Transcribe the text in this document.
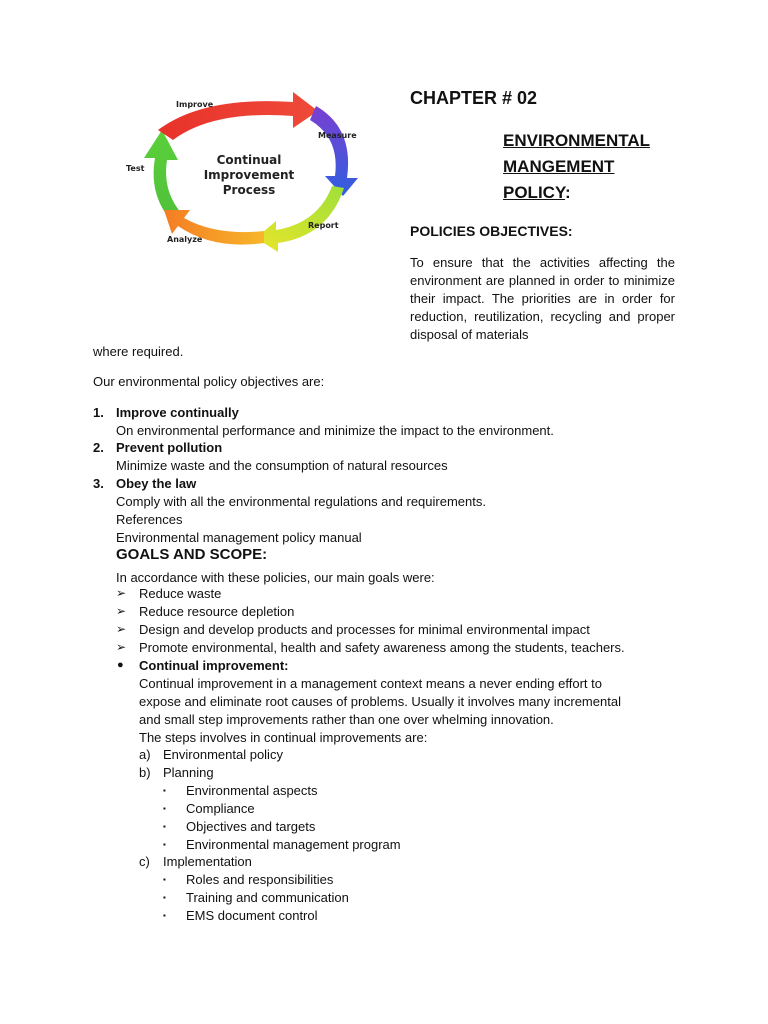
Continual
Improvement
Process
Improve
Measure
Report
Analyze
Test
CHAPTER # 02
ENVIRONMENTAL
MANGEMENT
POLICY:
POLICIES OBJECTIVES:
To ensure that the activities affecting the environment are planned in order to minimize their impact. The priorities are in order for reduction, reutilization, recycling and proper disposal of materials
where required.
Our environmental policy objectives are:
1. Improve continually
On environmental performance and minimize the impact to the environment.
2. Prevent pollution
Minimize waste and the consumption of natural resources
3. Obey the law
Comply with all the environmental regulations and requirements.
References
Environmental management policy manual
GOALS AND SCOPE:
In accordance with these policies, our main goals were:
➢ Reduce waste
➢ Reduce resource depletion
➢ Design and develop products and processes for minimal environmental impact
➢ Promote environmental, health and safety awareness among the students, teachers.
● Continual improvement:
Continual improvement in a management context means a never ending effort to
expose and eliminate root causes of problems. Usually it involves many incremental
and small step improvements rather than one over whelming innovation.
The steps involves in continual improvements are:
a) Environmental policy
b) Planning
▪ Environmental aspects
▪ Compliance
▪ Objectives and targets
▪ Environmental management program
c) Implementation
▪ Roles and responsibilities
▪ Training and communication
▪ EMS document control
